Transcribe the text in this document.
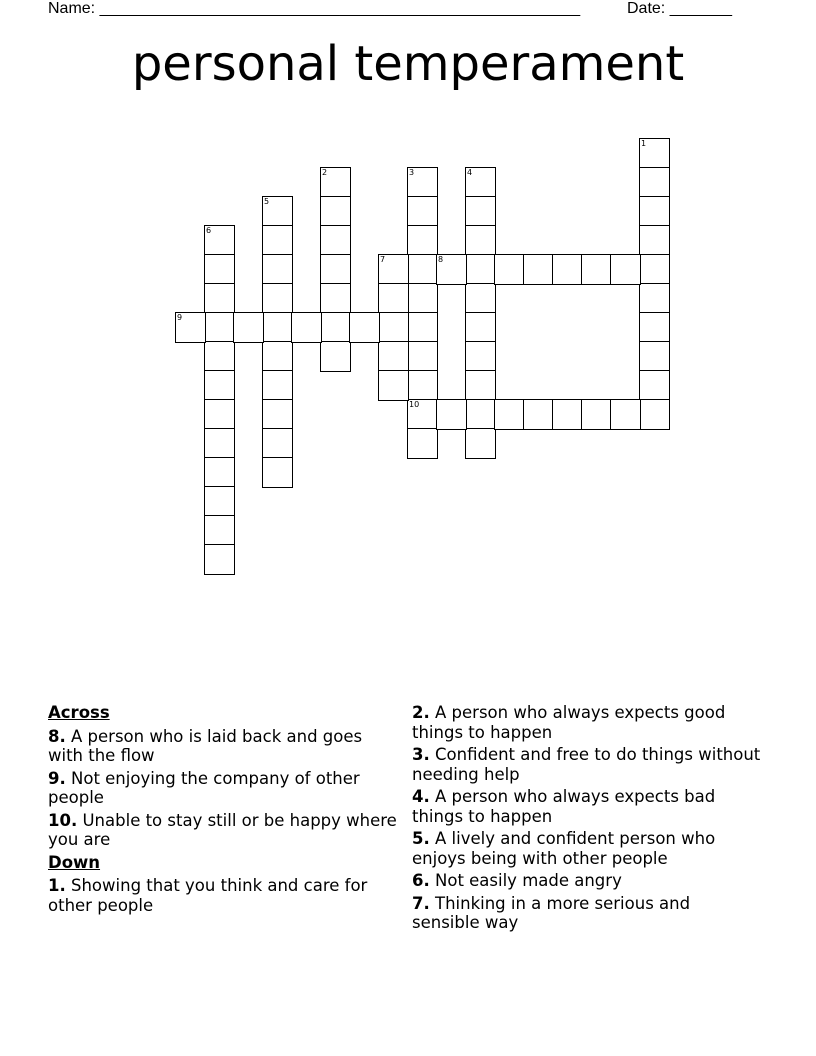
Name: ______________________________________________________	Date: _______
personal temperament
1
2	3
10
4
5
6
7	8
9
Across
8. A person who is laid back and goes with the flow
9. Not enjoying the company of other people
10. Unable to stay still or be happy where you are
Down
1. Showing that you think and care for other people
2. A person who always expects good things to happen
3. Confident and free to do things without needing help
4. A person who always expects bad things to happen
5. A lively and confident person who enjoys being with other people
6. Not easily made angry
7. Thinking in a more serious and sensible way
